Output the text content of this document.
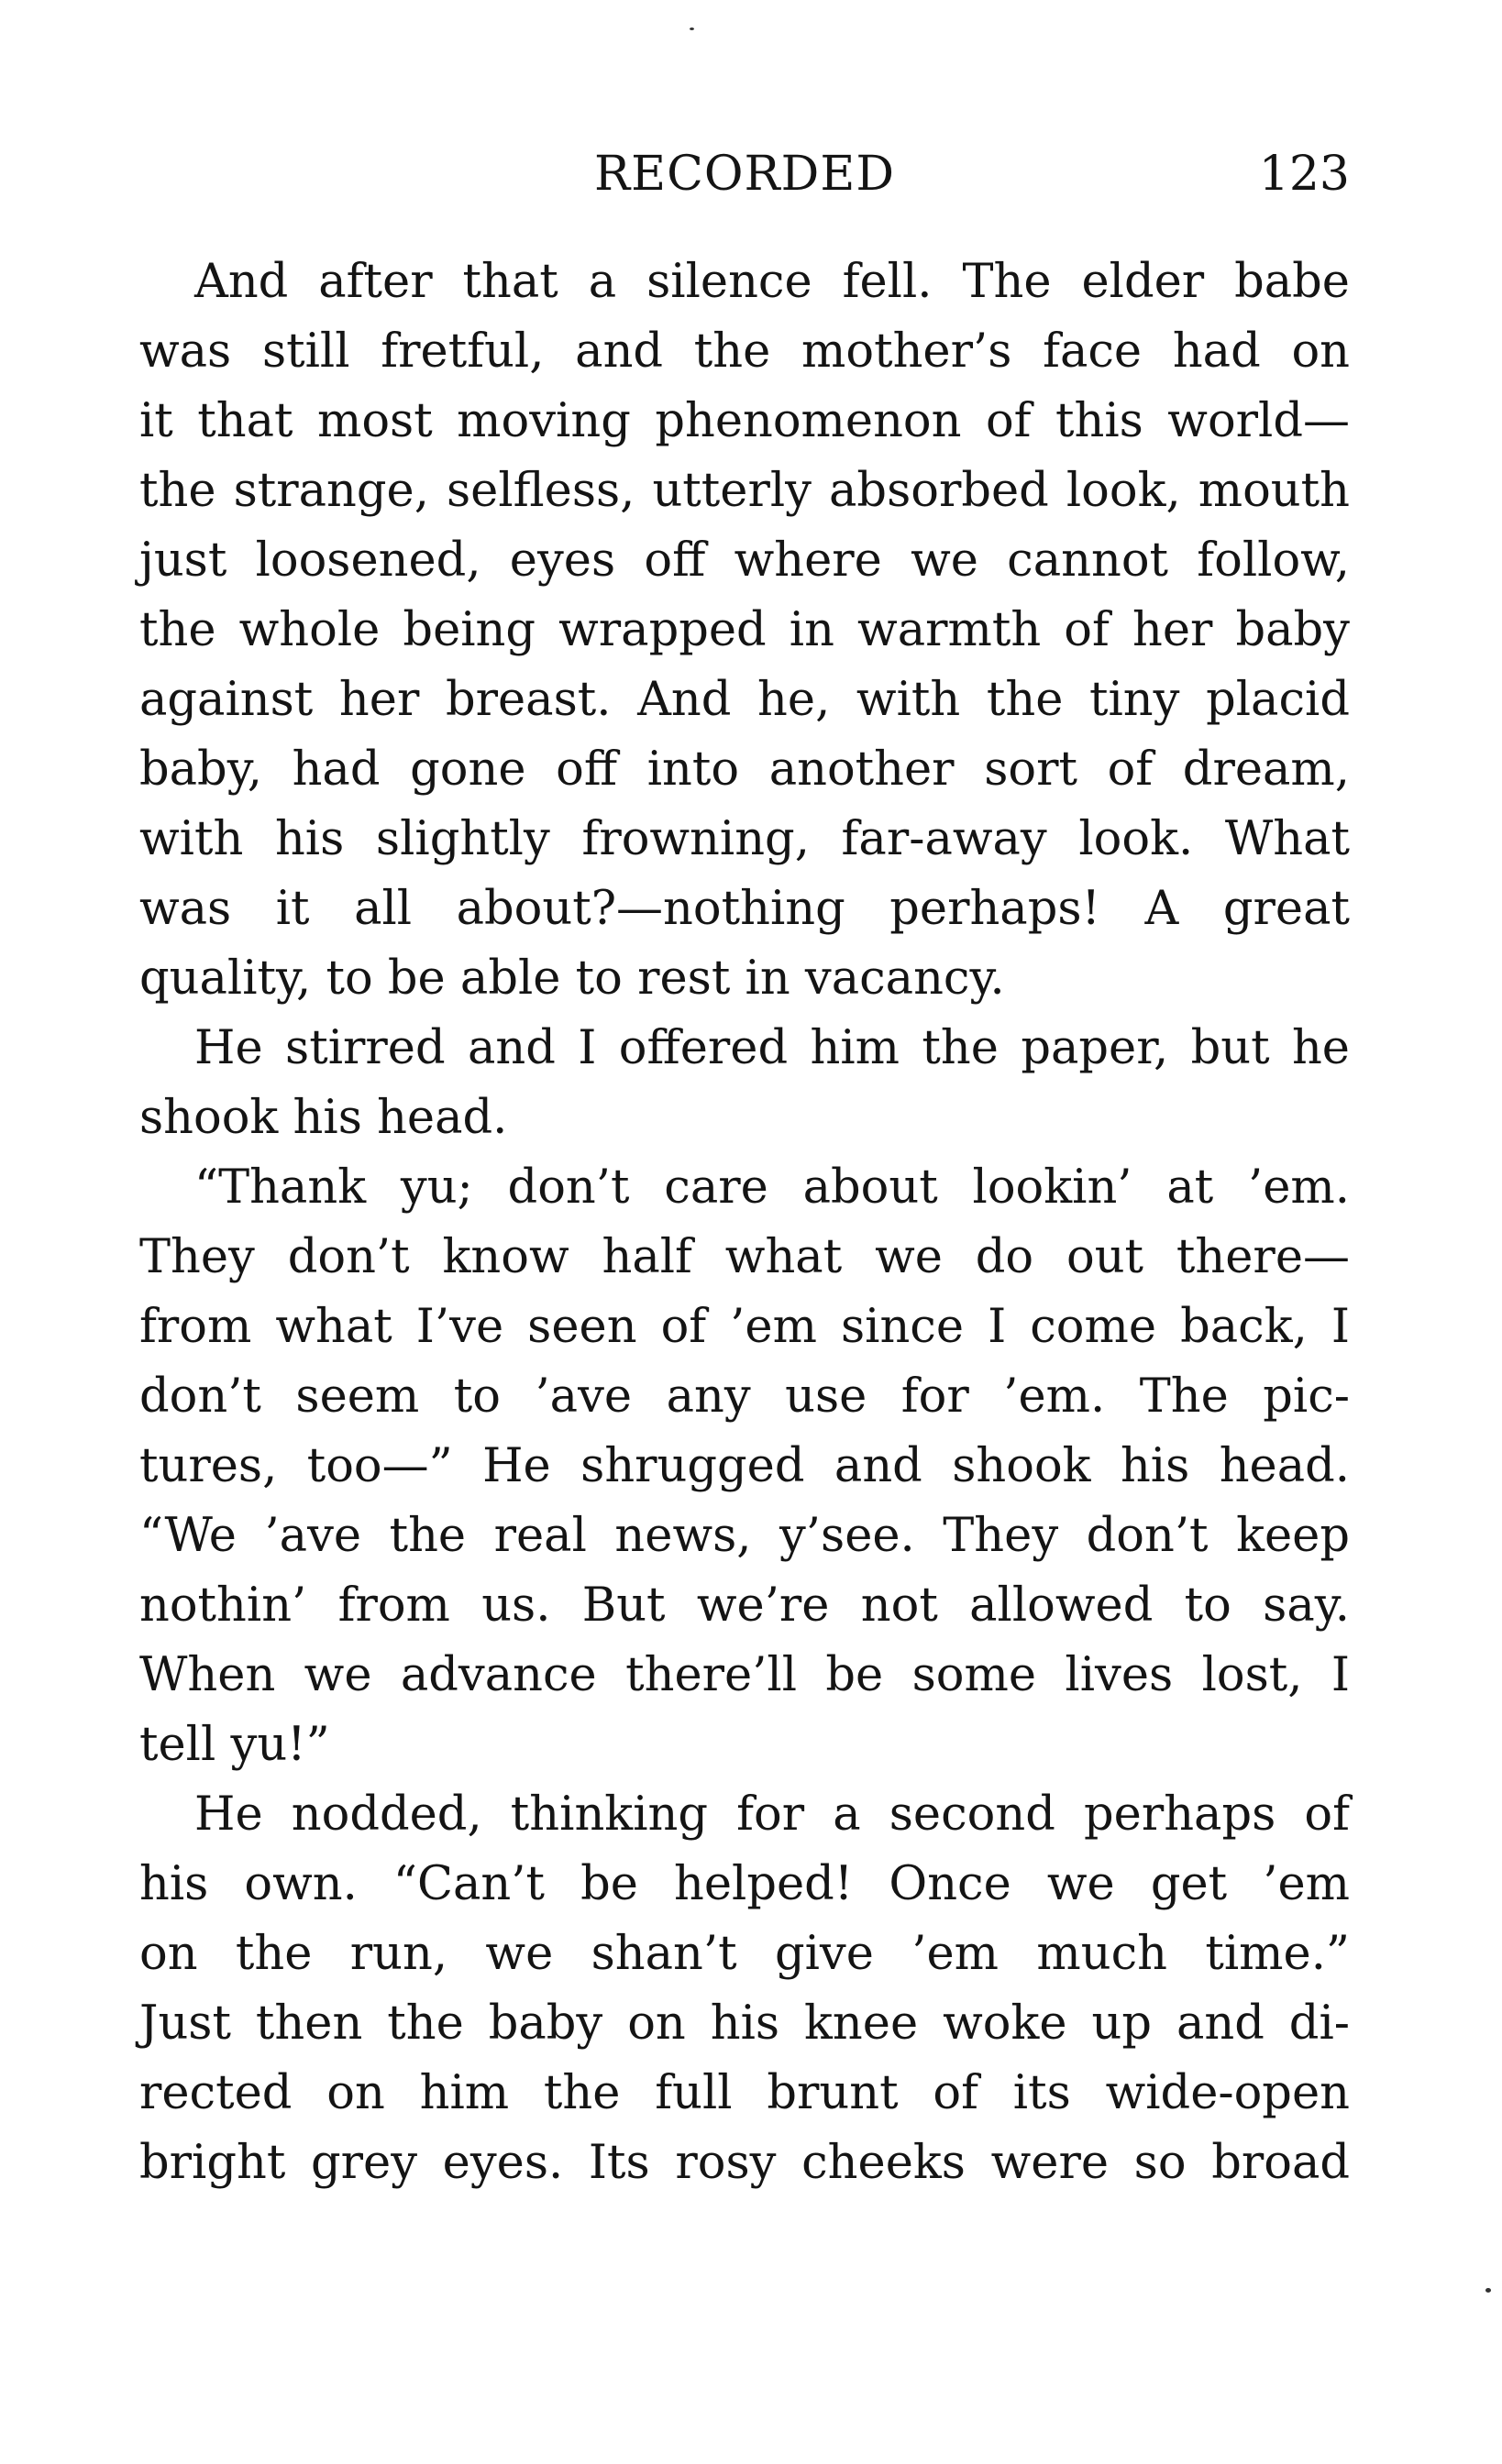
RECORDED	123
And after that a silence fell. The elder babe
was still fretful, and the mother’s face had on
it that most moving phenomenon of this world—
the strange, selfless, utterly absorbed look, mouth
just loosened, eyes off where we cannot follow,
the whole being wrapped in warmth of her baby
against her breast. And he, with the tiny placid
baby, had gone off into another sort of dream,
with his slightly frowning, far-away look. What
was it all about?—nothing perhaps! A great
quality, to be able to rest in vacancy.
He stirred and I offered him the paper, but he
shook his head.
“Thank yu; don’t care about lookin’ at ’em.
They don’t know half what we do out there—
from what I’ve seen of ’em since I come back, I
don’t seem to ’ave any use for ’em. The pic-
tures, too—” He shrugged and shook his head.
“We ’ave the real news, y’see. They don’t keep
nothin’ from us. But we’re not allowed to say.
When we advance there’ll be some lives lost, I
tell yu!”
He nodded, thinking for a second perhaps of
his own. “Can’t be helped! Once we get ’em
on the run, we shan’t give ’em much time.”
Just then the baby on his knee woke up and di-
rected on him the full brunt of its wide-open
bright grey eyes. Its rosy cheeks were so broad
